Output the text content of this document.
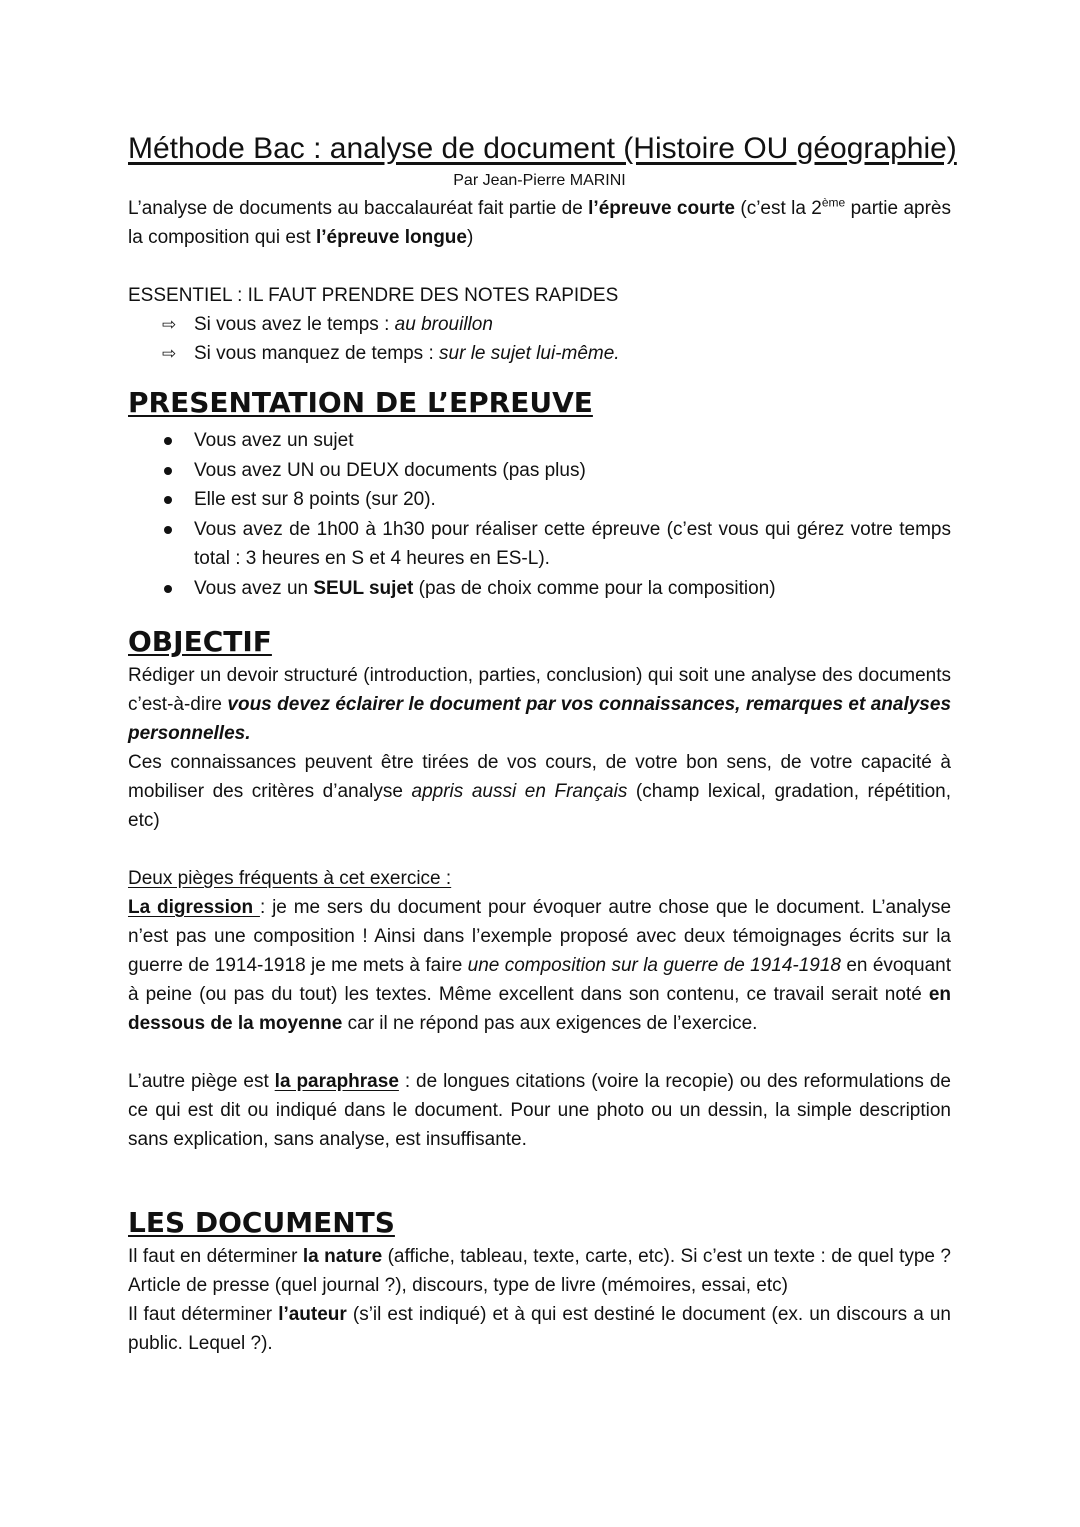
Méthode Bac : analyse de document (Histoire OU géographie)
Par Jean-Pierre MARINI

L’analyse de documents au baccalauréat fait partie de l’épreuve courte (c’est la 2ème partie après la composition qui est l’épreuve longue)

ESSENTIEL : IL FAUT PRENDRE DES NOTES RAPIDES

⇨ Si vous avez le temps : au brouillon
⇨ Si vous manquez de temps : sur le sujet lui-même.
PRESENTATION DE L’EPREUVE
Vous avez un sujet
Vous avez UN ou DEUX documents (pas plus)
Elle est sur 8 points (sur 20).
Vous avez de 1h00 à 1h30 pour réaliser cette épreuve (c’est vous qui gérez votre temps total : 3 heures en S et 4 heures en ES-L).
Vous avez un SEUL sujet (pas de choix comme pour la composition)
OBJECTIF

Rédiger un devoir structuré (introduction, parties, conclusion) qui soit une analyse des documents c’est-à-dire vous devez éclairer le document par vos connaissances, remarques et analyses personnelles.

Ces connaissances peuvent être tirées de vos cours, de votre bon sens, de votre capacité à mobiliser des critères d’analyse appris aussi en Français (champ lexical, gradation, répétition, etc)

Deux pièges fréquents à cet exercice :

La digression : je me sers du document pour évoquer autre chose que le document. L’analyse n’est pas une composition ! Ainsi dans l’exemple proposé avec deux témoignages écrits sur la guerre de 1914-1918 je me mets à faire une composition sur la guerre de 1914-1918 en évoquant à peine (ou pas du tout) les textes. Même excellent dans son contenu, ce travail serait noté en dessous de la moyenne car il ne répond pas aux exigences de l’exercice.

L’autre piège est la paraphrase : de longues citations (voire la recopie) ou des reformulations de ce qui est dit ou indiqué dans le document. Pour une photo ou un dessin, la simple description sans explication, sans analyse, est insuffisante.

LES DOCUMENTS

Il faut en déterminer la nature (affiche, tableau, texte, carte, etc). Si c’est un texte : de quel type ? Article de presse (quel journal ?), discours, type de livre (mémoires, essai, etc)

Il faut déterminer l’auteur (s’il est indiqué) et à qui est destiné le document (ex. un discours a un public. Lequel ?).
